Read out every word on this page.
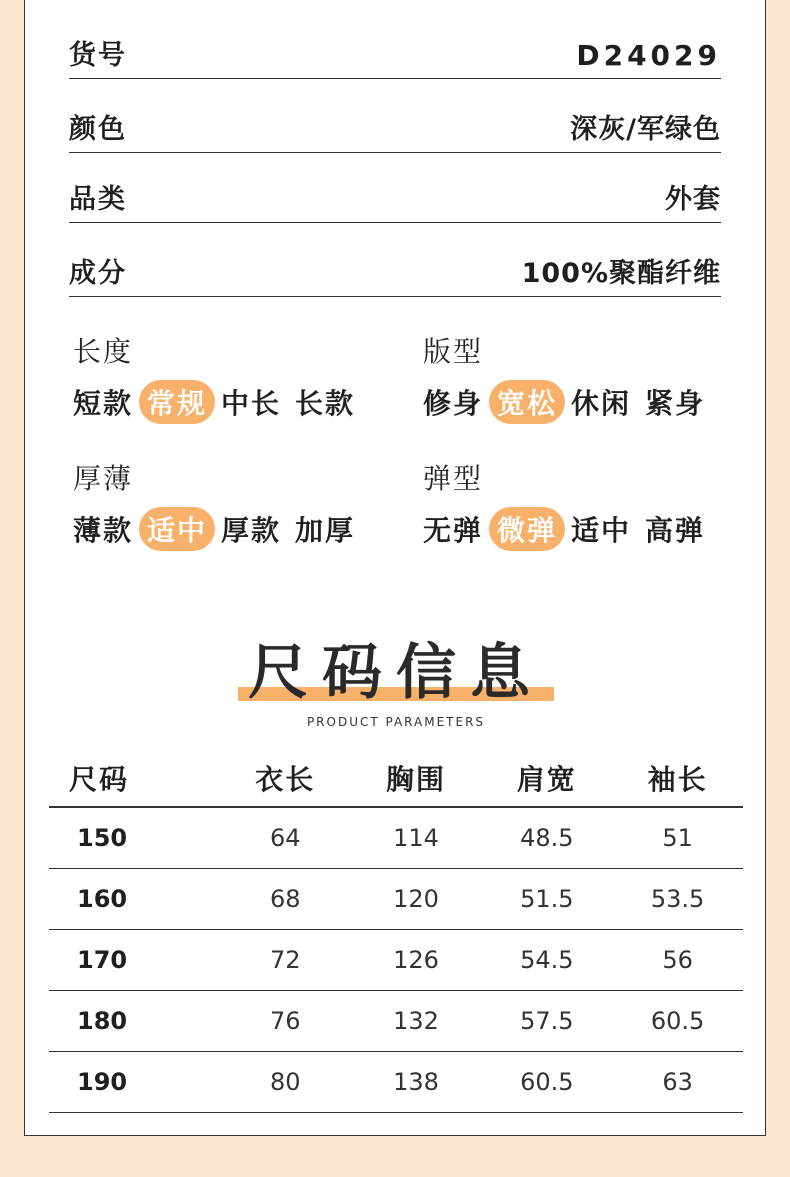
货号	D24029
颜色	深灰/军绿色
品类	外套
成分	100%聚酯纤维
长度
短款 常规 中长 长款
版型
修身 宽松 休闲 紧身
厚薄
薄款 适中 厚款 加厚
弹型
无弹 微弹 适中 高弹
尺码信息
PRODUCT PARAMETERS
尺码	衣长	胸围	肩宽	袖长
150	64	114	48.5	51
160	68	120	51.5	53.5
170	72	126	54.5	56
180	76	132	57.5	60.5
190	80	138	60.5	63
